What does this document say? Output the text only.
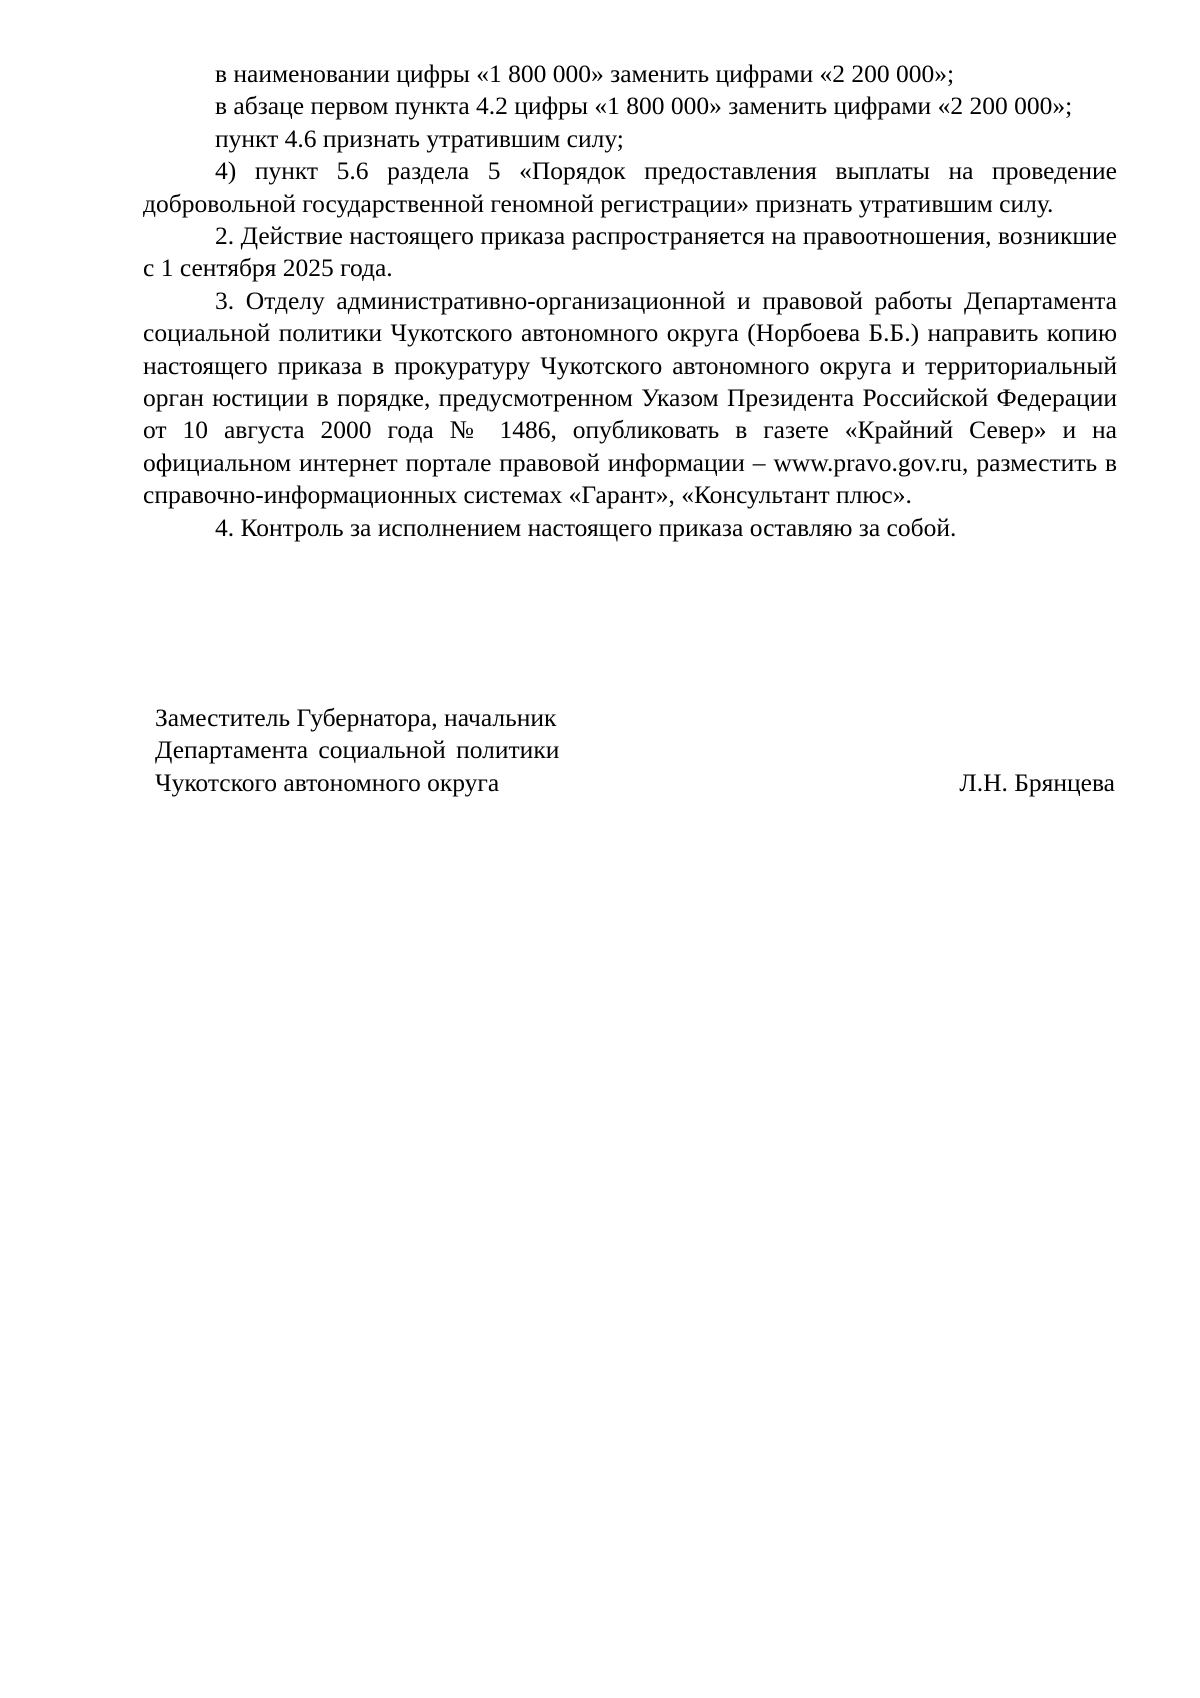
в наименовании цифры «1 800 000» заменить цифрами «2 200 000»;

в абзаце первом пункта 4.2 цифры «1 800 000» заменить цифрами «2 200 000»;

пункт 4.6 признать утратившим силу;

4) пункт 5.6 раздела 5 «Порядок предоставления выплаты на проведение добровольной государственной геномной регистрации» признать утратившим силу.

2. Действие настоящего приказа распространяется на правоотношения, возникшие с 1 сентября 2025 года.

3. Отделу административно-организационной и правовой работы Департамента социальной политики Чукотского автономного округа (Норбоева Б.Б.) направить копию настоящего приказа в прокуратуру Чукотского автономного округа и территориальный орган юстиции в порядке, предусмотренном Указом Президента Российской Федерации от 10 августа 2000 года № 1486, опубликовать в газете «Крайний Север» и на официальном интернет портале правовой информации – www.pravo.gov.ru, разместить в справочно-информационных системах «Гарант», «Консультант плюс».

4. Контроль за исполнением настоящего приказа оставляю за собой.

Заместитель Губернатора, начальник
Департамента социальной политики
Чукотского автономного округа	Л.Н. Брянцева
